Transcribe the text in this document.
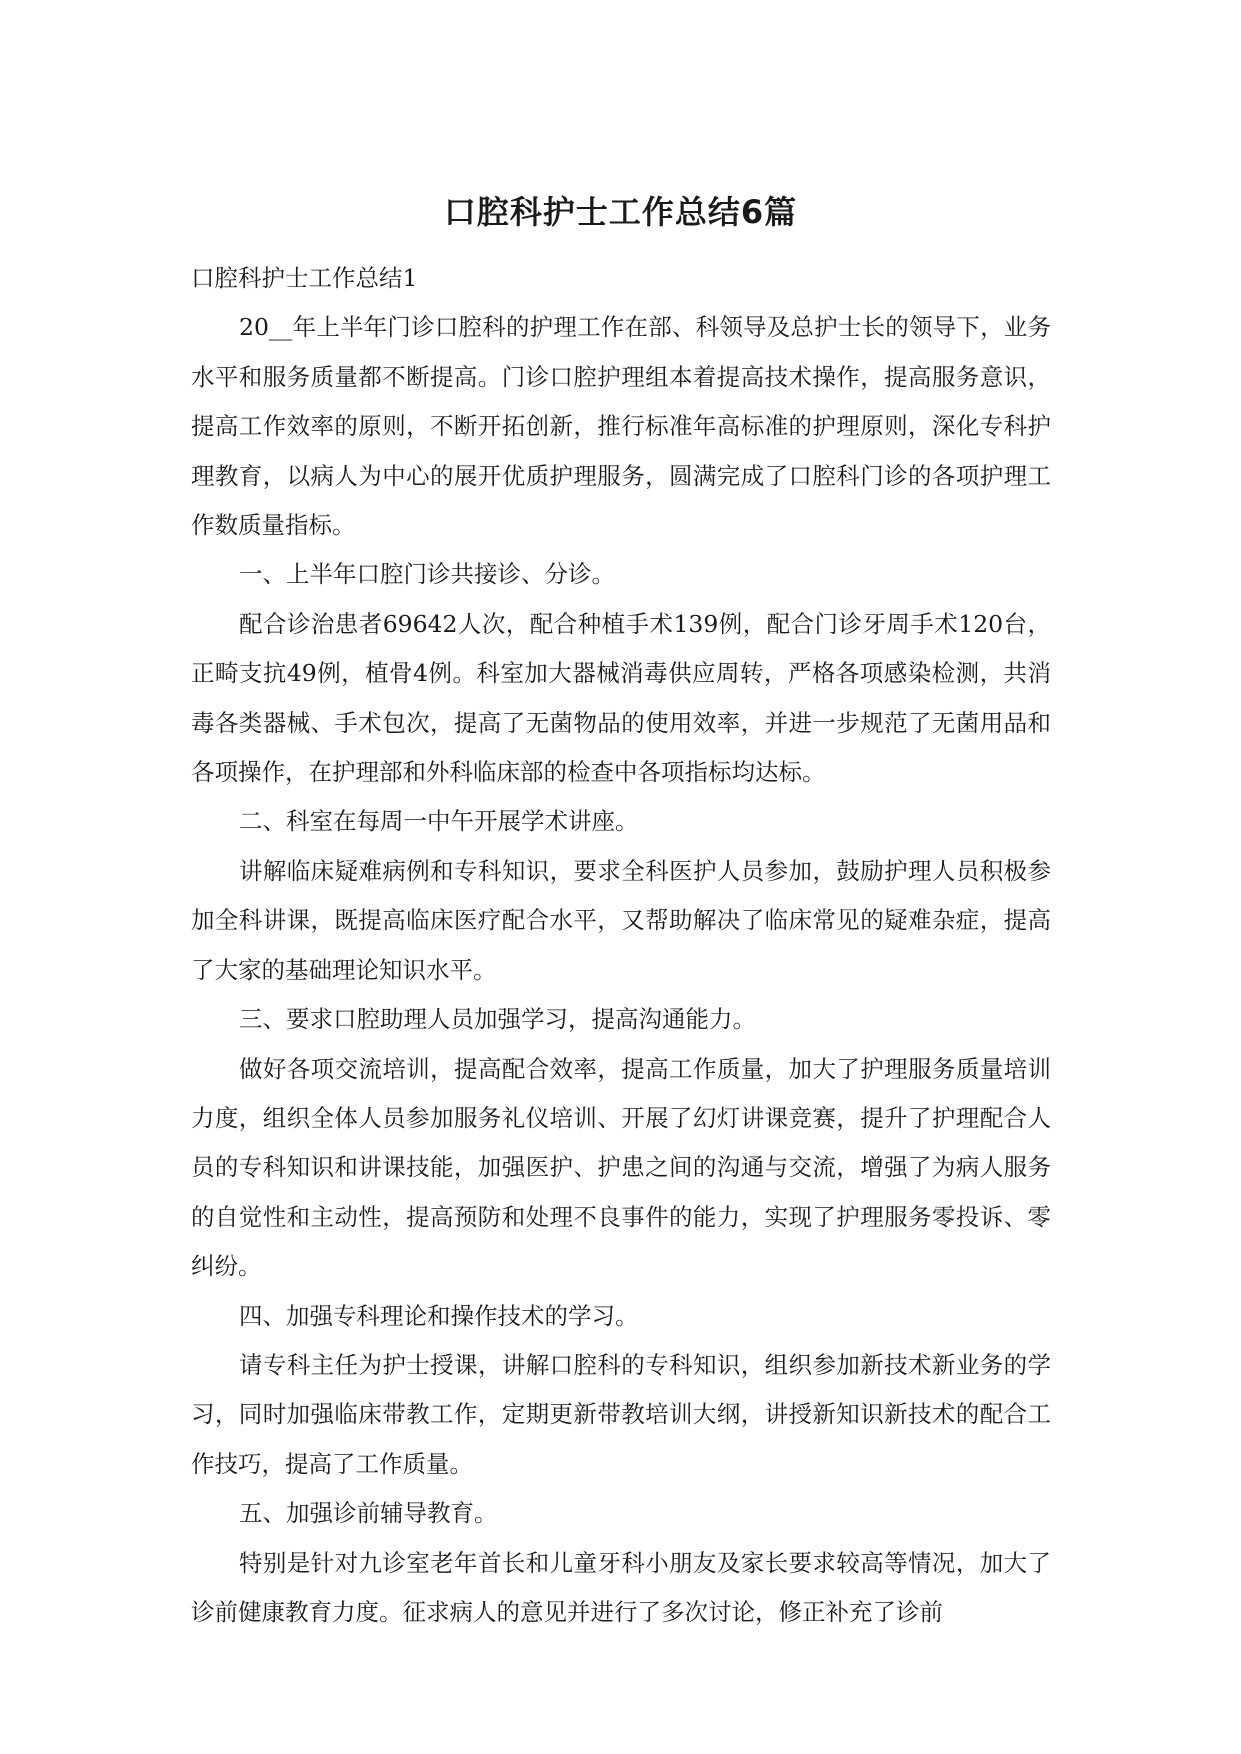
口腔科护士工作总结6篇

口腔科护士工作总结1

20__年上半年门诊口腔科的护理工作在部、科领导及总护士长的领导下，业务水平和服务质量都不断提高。门诊口腔护理组本着提高技术操作，提高服务意识，提高工作效率的原则，不断开拓创新，推行标准年高标准的护理原则，深化专科护理教育，以病人为中心的展开优质护理服务，圆满完成了口腔科门诊的各项护理工作数质量指标。

一、上半年口腔门诊共接诊、分诊。

配合诊治患者69642人次，配合种植手术139例，配合门诊牙周手术120台，正畸支抗49例，植骨4例。科室加大器械消毒供应周转，严格各项感染检测，共消毒各类器械、手术包次，提高了无菌物品的使用效率，并进一步规范了无菌用品和各项操作，在护理部和外科临床部的检查中各项指标均达标。

二、科室在每周一中午开展学术讲座。

讲解临床疑难病例和专科知识，要求全科医护人员参加，鼓励护理人员积极参加全科讲课，既提高临床医疗配合水平，又帮助解决了临床常见的疑难杂症，提高了大家的基础理论知识水平。

三、要求口腔助理人员加强学习，提高沟通能力。

做好各项交流培训，提高配合效率，提高工作质量，加大了护理服务质量培训力度，组织全体人员参加服务礼仪培训、开展了幻灯讲课竞赛，提升了护理配合人员的专科知识和讲课技能，加强医护、护患之间的沟通与交流，增强了为病人服务的自觉性和主动性，提高预防和处理不良事件的能力，实现了护理服务零投诉、零纠纷。

四、加强专科理论和操作技术的学习。

请专科主任为护士授课，讲解口腔科的专科知识，组织参加新技术新业务的学习，同时加强临床带教工作，定期更新带教培训大纲，讲授新知识新技术的配合工作技巧，提高了工作质量。

五、加强诊前辅导教育。

特别是针对九诊室老年首长和儿童牙科小朋友及家长要求较高等情况，加大了诊前健康教育力度。征求病人的意见并进行了多次讨论，修正补充了诊前
